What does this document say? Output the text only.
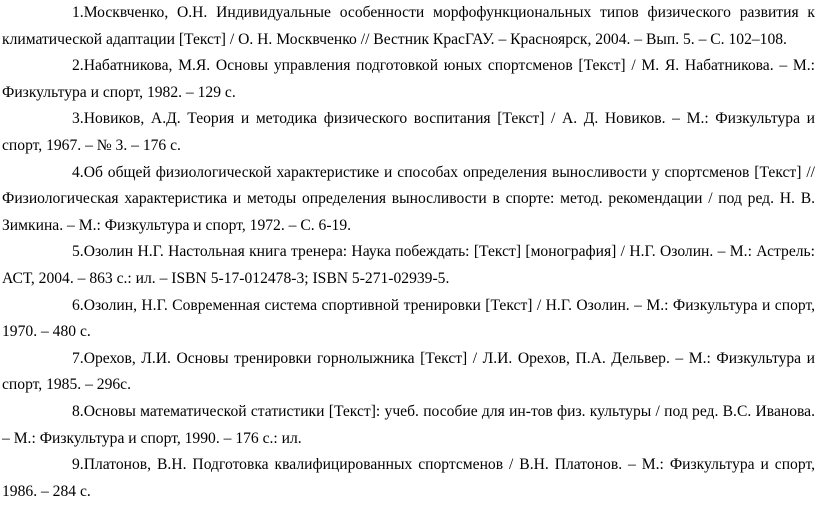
1.Москвченко, О.Н. Индивидуальные особенности морфофункциональных типов физического развития к климатической адаптации [Текст] / О. Н. Москвченко // Вестник КрасГАУ. – Красноярск, 2004. – Вып. 5. – С. 102–108.

2.Набатникова, М.Я. Основы управления подготовкой юных спортсменов [Текст] / М. Я. Набатникова. – М.: Физкультура и спорт, 1982. – 129 с.

3.Новиков, А.Д. Теория и методика физического воспитания [Текст] / А. Д. Новиков. – М.: Физкультура и спорт, 1967. – № 3. – 176 с.

4.Об общей физиологической характеристике и способах определения выносливости у спортсменов [Текст] // Физиологическая характеристика и методы определения выносливости в спорте: метод. рекомендации / под ред. Н. В. Зимкина. – М.: Физкультура и спорт, 1972. – С. 6-19.

5.Озолин Н.Г. Настольная книга тренера: Наука побеждать: [Текст] [монография] / Н.Г. Озолин. – М.: Астрель: АСТ, 2004. – 863 с.: ил. – ISBN 5-17-012478-3; ISBN 5-271-02939-5.

6.Озолин, Н.Г. Современная система спортивной тренировки [Текст] / Н.Г. Озолин. – М.: Физкультура и спорт, 1970. – 480 с.

7.Орехов, Л.И. Основы тренировки горнолыжника [Текст] / Л.И. Орехов, П.А. Дельвер. – М.: Физкультура и спорт, 1985. – 296с.

8.Основы математической статистики [Текст]: учеб. пособие для ин-тов физ. культуры / под ред. В.С. Иванова. – М.: Физкультура и спорт, 1990. – 176 с.: ил.

9.Платонов, В.Н. Подготовка квалифицированных спортсменов / В.Н. Платонов. – М.: Физкультура и спорт, 1986. – 284 с.
